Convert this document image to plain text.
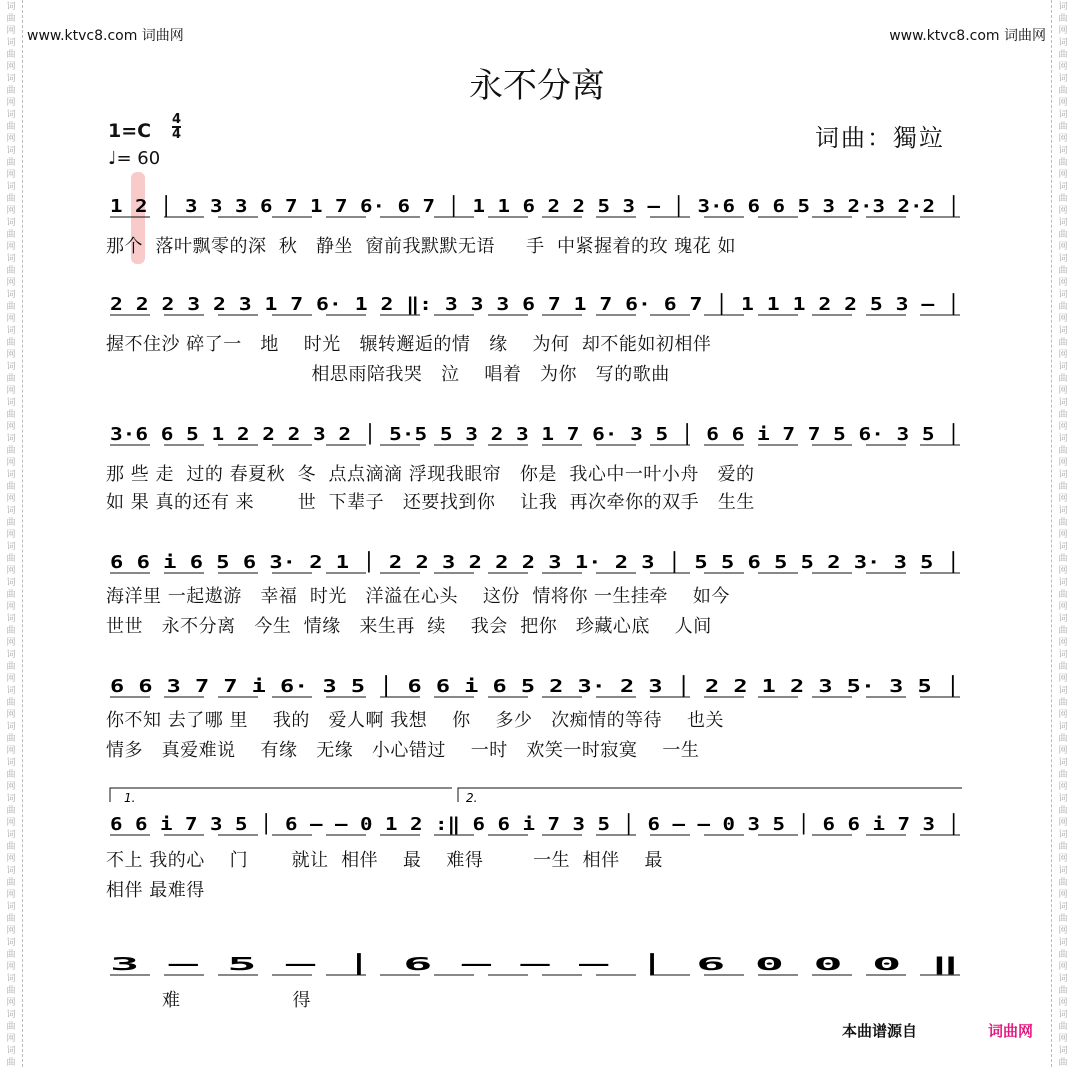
词
曲
网
词
曲
网
词
曲
网
词
曲
网
词
曲
网
词
曲
网
词
曲
网
词
曲
网
词
曲
网
词
曲
网
词
曲
网
词
曲
网
词
曲
网
词
曲
网
词
曲
网
词
曲
网
词
曲
网
词
曲
网
词
曲
网
词
曲
网
词
曲
网
词
曲
网
词
曲
网
词
曲
网
词
曲
网
词
曲
网
词
曲
网
词
曲
网
词
曲
网
词
曲
词
曲
网
词
曲
网
词
曲
网
词
曲
网
词
曲
网
词
曲
网
词
曲
网
词
曲
网
词
曲
网
词
曲
网
词
曲
网
词
曲
网
词
曲
网
词
曲
网
词
曲
网
词
曲
网
词
曲
网
词
曲
网
词
曲
网
词
曲
网
词
曲
网
词
曲
网
词
曲
网
词
曲
网
词
曲
网
词
曲
网
词
曲
网
词
曲
网
词
曲
网
词
曲
www.ktvc8.com 词曲网	www.ktvc8.com 词曲网
永不分离
$1=C \frac{4}{4}$
♩= 60
词曲：獨竝
1 2 │ 3 3 3 6 7 1 7 6· 6 7 │ 1 1 6 2 2 5 3 – │ 3·6 6 6 5 3 2·3 2·2 │
2 2 2 3 2 3 1 7 6· 1 2 ‖: 3 3 3 6 7 1 7 6· 6 7 │ 1 1 1 2 2 5 3 – │
3·6 6 5 1 2 2 2 3 2 │ 5·5 5 3 2 3 1 7 6· 3 5 │ 6 6 i 7 7 5 6· 3 5 │
6 6 i 6 5 6 3· 2 1 │ 2 2 3 2 2 2 3 1· 2 3 │ 5 5 6 5 5 2 3· 3 5 │
6 6 3 7 7 i 6· 3 5 │ 6 6 i 6 5 2 3· 2 3 │ 2 2 1 2 3 5· 3 5 │
6 6 i 7 3 5 │ 6 – – 0 1 2 :‖ 6 6 i 7 3 5 │ 6 – – 0 3 5 │ 6 6 i 7 3 │
1.	2.
3 – 5 – │ 6 – – – │ 6 0 0 0 ‖
那个  落叶飘零的深  秋   静坐  窗前我默默无语     手  中紧握着的玫 瑰花 如
握不住沙 碎了一   地    时光   辗转邂逅的情   缘    为何  却不能如初相伴
相思雨陪我哭   泣    唱着   为你   写的歌曲
那 些 走  过的 春夏秋  冬  点点滴滴 浮现我眼帘   你是  我心中一叶小舟   爱的
如 果 真的还有 来       世  下辈子   还要找到你    让我  再次牵你的双手   生生
海洋里 一起遨游   幸福  时光   洋溢在心头    这份  情将你 一生挂牵    如今
世世   永不分离   今生  情缘   来生再  续    我会  把你   珍藏心底    人间
你不知 去了哪 里    我的   爱人啊 我想    你    多少   次痴情的等待    也关
情多   真爱难说    有缘   无缘   小心错过    一时   欢笑一时寂寞    一生
不上 我的心    门       就让  相伴    最    难得        一生  相伴    最
相伴 最难得
难                  得
本曲谱源自	词曲网
